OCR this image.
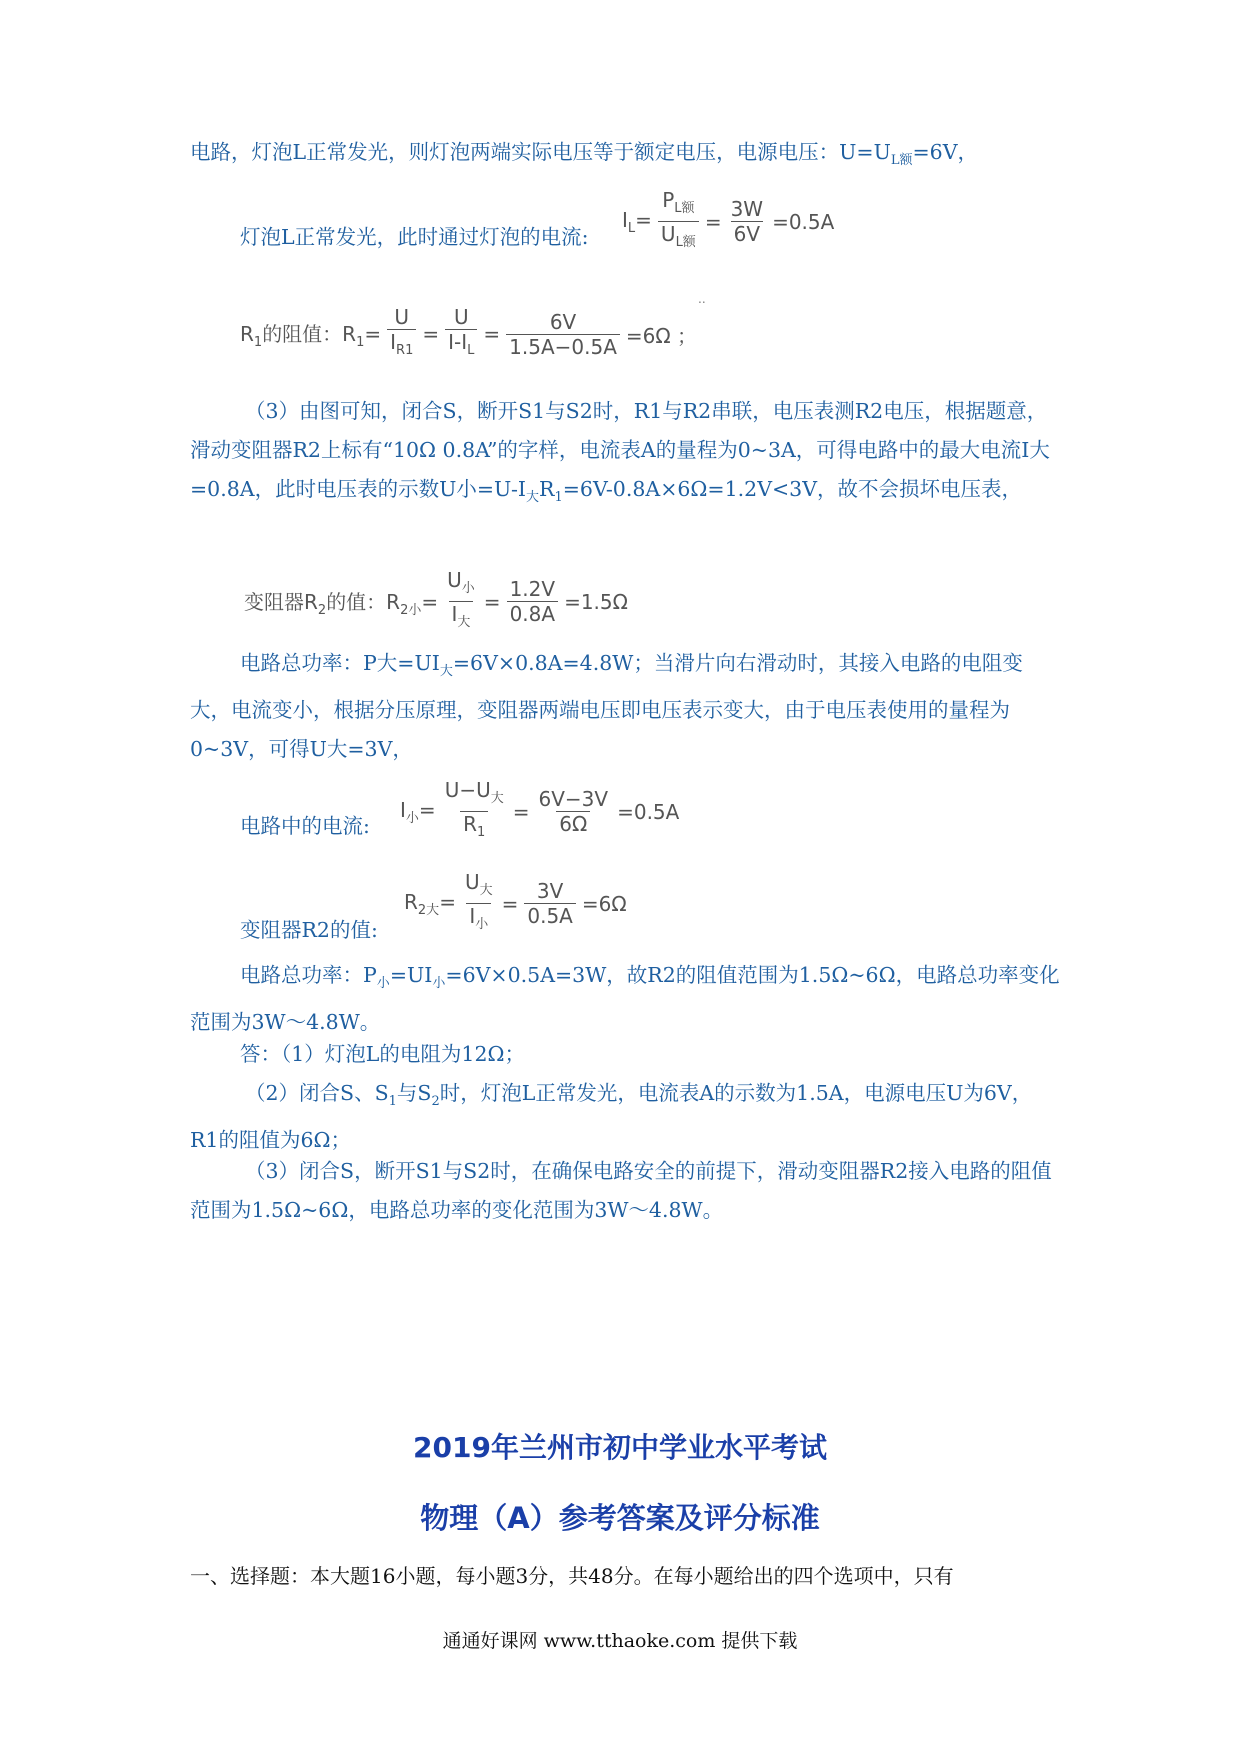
电路，灯泡L正常发光，则灯泡两端实际电压等于额定电压，电源电压：$U=U_{L额}=6V$，
灯泡L正常发光，此时通过灯泡的电流:
$I_L= \frac{P_{L额}}{U_{L额}} = \frac{3W}{6V} =0.5A$
..
$R_1$的阻值：$R_1= \frac{U}{I_{R1}} = \frac{U}{I-I_L} = \frac{6V}{1.5A-0.5A} =6\Omega$ ；
（3）由图可知，闭合S，断开S1与S2时，R1与R2串联，电压表测R2电压，根据题意，滑动变阻器R2上标有“10Ω 0.8A”的字样，电流表A的量程为0~3A，可得电路中的最大电流I大=0.8A，此时电压表的示数U小$=U-I_大R_1=6V-0.8A\times 6\Omega=1.2V<3V$，故不会损坏电压表，
变阻器$R_2$的值：$R_{2小}= \frac{U_小}{I_大} = \frac{1.2V}{0.8A} =1.5\Omega$
电路总功率：P大$=UI_大=6V\times 0.8A=4.8W$；当滑片向右滑动时，其接入电路的电阻变大，电流变小，根据分压原理，变阻器两端电压即电压表示变大，由于电压表使用的量程为0~3V，可得U大=3V，
电路中的电流:
$I_小= \frac{U-U_大}{R_1} = \frac{6V-3V}{6\Omega} =0.5A$
$R_{2大}= \frac{U_大}{I_小} = \frac{3V}{0.5A} =6\Omega$
变阻器R2的值:
电路总功率：$P_小=UI_小=6V\times 0.5A=3W$，故R2的阻值范围为1.5Ω~6Ω，电路总功率变化范围为3W～4.8W。
答：（1）灯泡L的电阻为12Ω；
（2）闭合S、$S_1$与$S_2$时，灯泡L正常发光，电流表A的示数为1.5A，电源电压U为6V，R1的阻值为6Ω；
（3）闭合S，断开S1与S2时，在确保电路安全的前提下，滑动变阻器R2接入电路的阻值范围为1.5Ω~6Ω，电路总功率的变化范围为3W～4.8W。
2019年兰州市初中学业水平考试
物理（A）参考答案及评分标准
一、选择题：本大题16小题，每小题3分，共48分。在每小题给出的四个选项中，只有
通通好课网 www.tthaoke.com 提供下载
